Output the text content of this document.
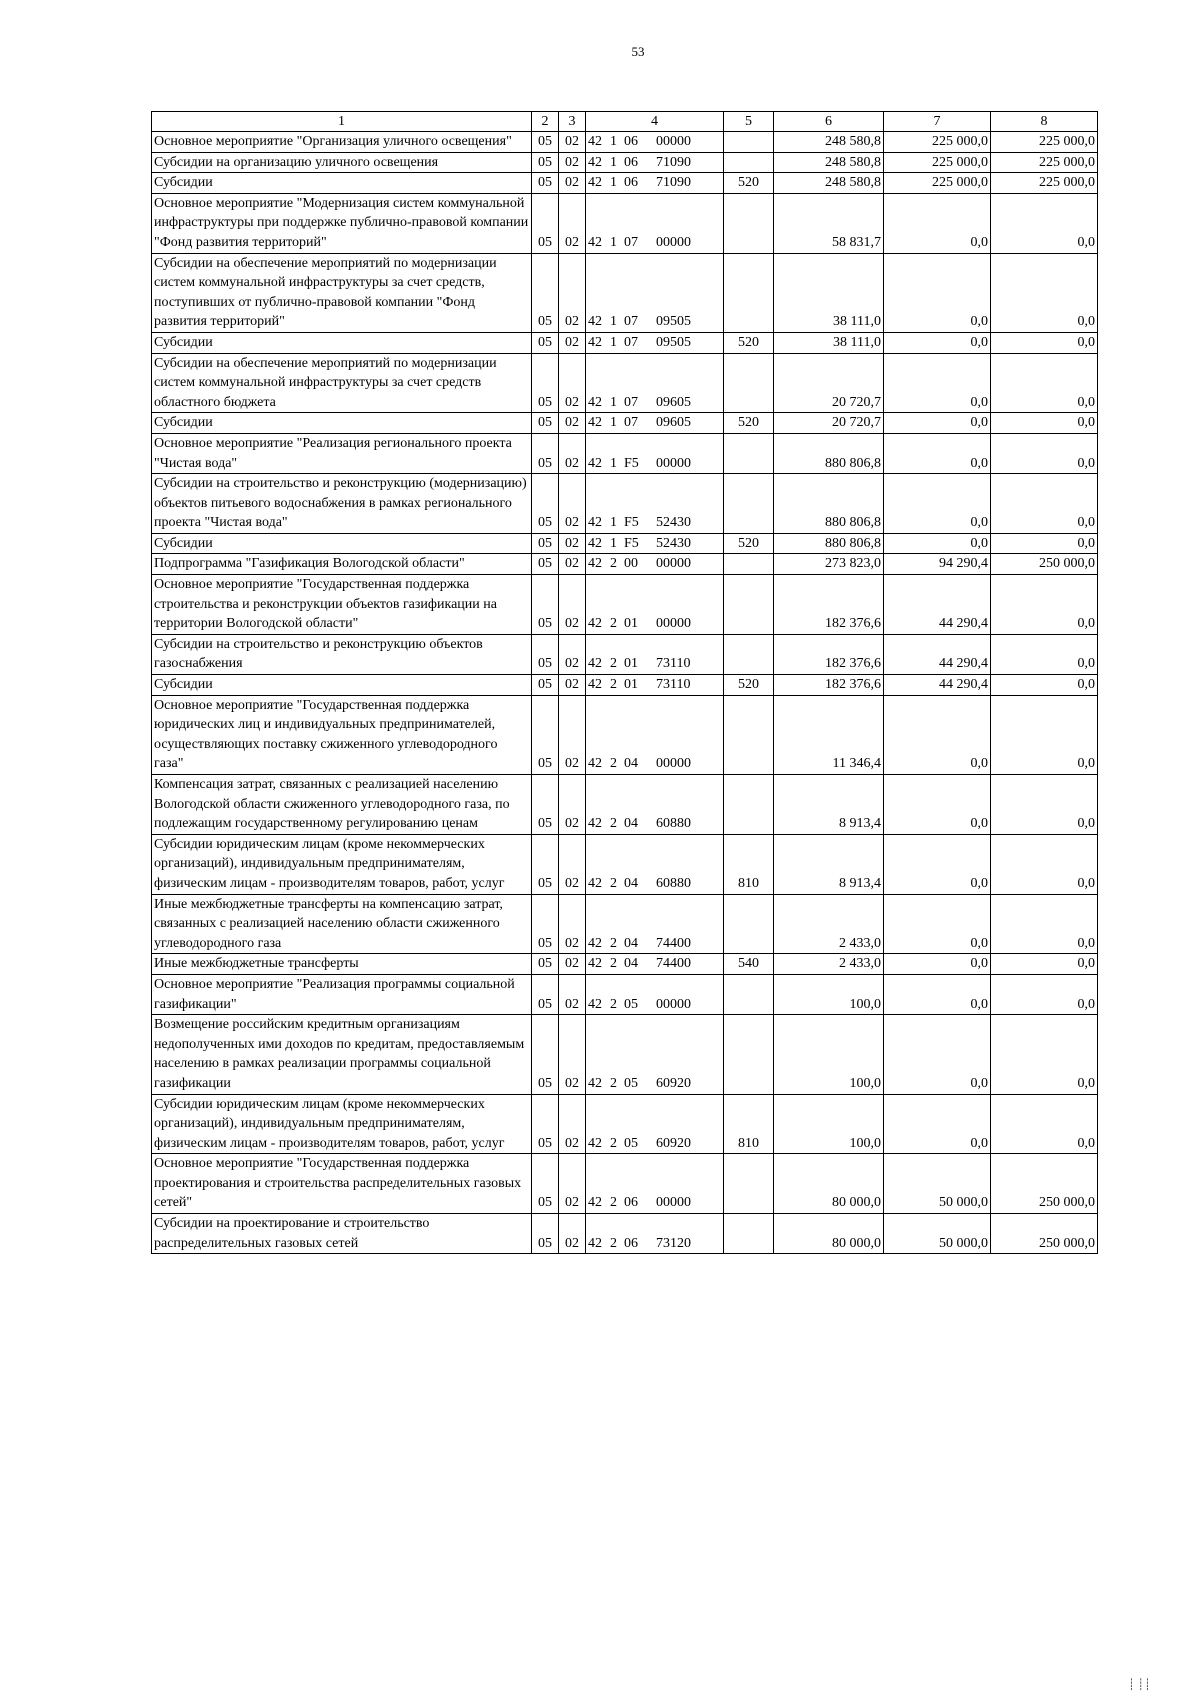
53
1	2	3	4	5	6	7	8
Основное мероприятие "Организация уличного освещения"	05	02	42 1 06 00000		248 580,8	225 000,0	225 000,0
Субсидии на организацию уличного освещения	05	02	42 1 06 71090		248 580,8	225 000,0	225 000,0
Субсидии	05	02	42 1 06 71090	520	248 580,8	225 000,0	225 000,0
Основное мероприятие "Модернизация систем коммунальной инфраструктуры при поддержке публично-правовой компании "Фонд развития территорий"	05	02	42 1 07 00000		58 831,7	0,0	0,0
Субсидии на обеспечение мероприятий по модернизации систем коммунальной инфраструктуры за счет средств, поступивших от публично-правовой компании "Фонд развития территорий"	05	02	42 1 07 09505		38 111,0	0,0	0,0
Субсидии	05	02	42 1 07 09505	520	38 111,0	0,0	0,0
Субсидии на обеспечение мероприятий по модернизации систем коммунальной инфраструктуры за счет средств областного бюджета	05	02	42 1 07 09605		20 720,7	0,0	0,0
Субсидии	05	02	42 1 07 09605	520	20 720,7	0,0	0,0
Основное мероприятие "Реализация регионального проекта "Чистая вода"	05	02	42 1 F5 00000		880 806,8	0,0	0,0
Субсидии на строительство и реконструкцию (модернизацию) объектов питьевого водоснабжения в рамках регионального проекта "Чистая вода"	05	02	42 1 F5 52430		880 806,8	0,0	0,0
Субсидии	05	02	42 1 F5 52430	520	880 806,8	0,0	0,0
Подпрограмма "Газификация Вологодской области"	05	02	42 2 00 00000		273 823,0	94 290,4	250 000,0
Основное мероприятие "Государственная поддержка строительства и реконструкции объектов газификации на территории Вологодской области"	05	02	42 2 01 00000		182 376,6	44 290,4	0,0
Субсидии на строительство и реконструкцию объектов газоснабжения	05	02	42 2 01 73110		182 376,6	44 290,4	0,0
Субсидии	05	02	42 2 01 73110	520	182 376,6	44 290,4	0,0
Основное мероприятие "Государственная поддержка юридических лиц и индивидуальных предпринимателей, осуществляющих поставку сжиженного углеводородного газа"	05	02	42 2 04 00000		11 346,4	0,0	0,0
Компенсация затрат, связанных с реализацией населению Вологодской области сжиженного углеводородного газа, по подлежащим государственному регулированию ценам	05	02	42 2 04 60880		8 913,4	0,0	0,0
Субсидии юридическим лицам (кроме некоммерческих организаций), индивидуальным предпринимателям, физическим лицам - производителям товаров, работ, услуг	05	02	42 2 04 60880	810	8 913,4	0,0	0,0
Иные межбюджетные трансферты на компенсацию затрат, связанных с реализацией населению области сжиженного углеводородного газа	05	02	42 2 04 74400		2 433,0	0,0	0,0
Иные межбюджетные трансферты	05	02	42 2 04 74400	540	2 433,0	0,0	0,0
Основное мероприятие "Реализация программы социальной газификации"	05	02	42 2 05 00000		100,0	0,0	0,0
Возмещение российским кредитным организациям недополученных ими доходов по кредитам, предоставляемым населению в рамках реализации программы социальной газификации	05	02	42 2 05 60920		100,0	0,0	0,0
Субсидии юридическим лицам (кроме некоммерческих организаций), индивидуальным предпринимателям, физическим лицам - производителям товаров, работ, услуг	05	02	42 2 05 60920	810	100,0	0,0	0,0
Основное мероприятие "Государственная поддержка проектирования и строительства распределительных газовых сетей"	05	02	42 2 06 00000		80 000,0	50 000,0	250 000,0
Субсидии на проектирование и строительство распределительных газовых сетей	05	02	42 2 06 73120		80 000,0	50 000,0	250 000,0
┊ ┊┊
